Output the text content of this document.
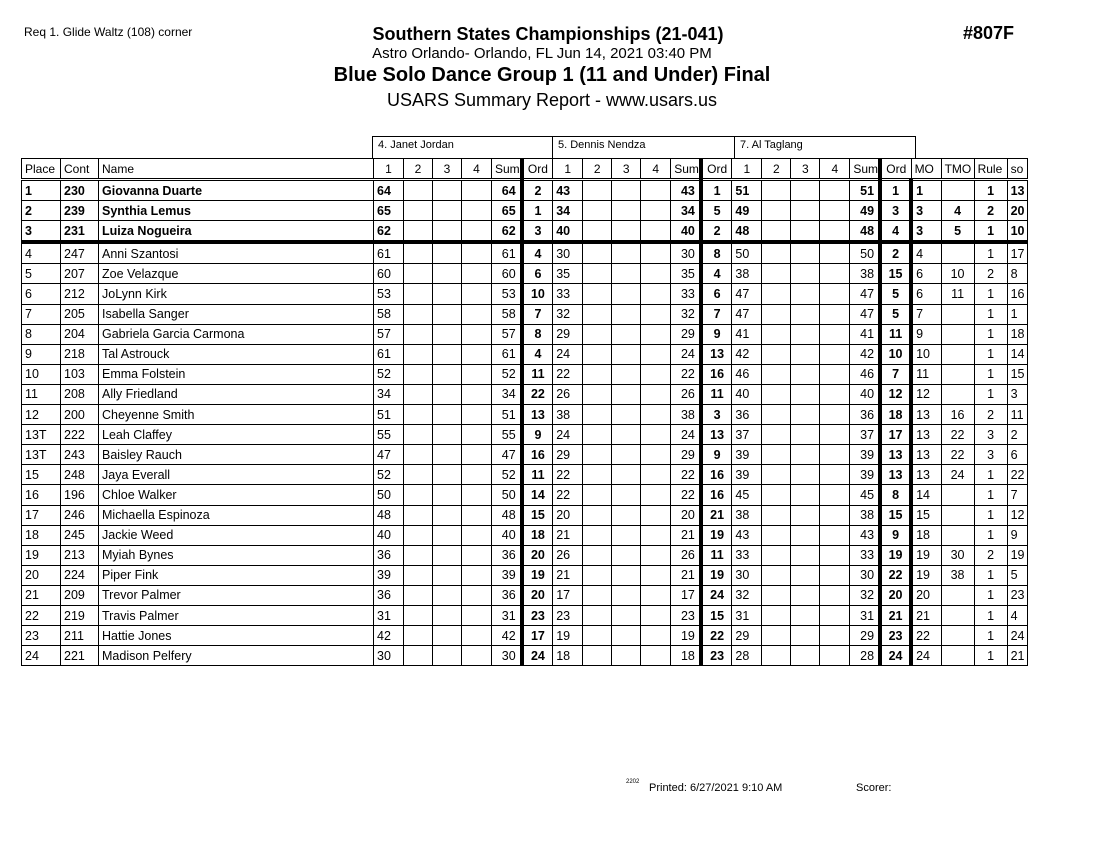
Req 1. Glide Waltz (108) corner	#807F
Southern States Championships (21-041)
Astro Orlando- Orlando, FL Jun 14, 2021 03:40 PM
Blue Solo Dance Group 1 (11 and Under) Final
USARS Summary Report - www.usars.us
4. Janet Jordan	5. Dennis Nendza	7. Al Taglang
Place	Cont	Name	1	2	3	4	Sum	Ord	1	2	3	4	Sum	Ord	1	2	3	4	Sum	Ord	MO	TMO	Rule	so
1	230	Giovanna Duarte	64				64	2	43				43	1	51				51	1	1		1	13
2	239	Synthia Lemus	65				65	1	34				34	5	49				49	3	3	4	2	20
3	231	Luiza Nogueira	62				62	3	40				40	2	48				48	4	3	5	1	10
4	247	Anni Szantosi	61				61	4	30				30	8	50				50	2	4		1	17
5	207	Zoe Velazque	60				60	6	35				35	4	38				38	15	6	10	2	8
6	212	JoLynn Kirk	53				53	10	33				33	6	47				47	5	6	11	1	16
7	205	Isabella Sanger	58				58	7	32				32	7	47				47	5	7		1	1
8	204	Gabriela Garcia Carmona	57				57	8	29				29	9	41				41	11	9		1	18
9	218	Tal Astrouck	61				61	4	24				24	13	42				42	10	10		1	14
10	103	Emma Folstein	52				52	11	22				22	16	46				46	7	11		1	15
11	208	Ally Friedland	34				34	22	26				26	11	40				40	12	12		1	3
12	200	Cheyenne Smith	51				51	13	38				38	3	36				36	18	13	16	2	11
13T	222	Leah Claffey	55				55	9	24				24	13	37				37	17	13	22	3	2
13T	243	Baisley Rauch	47				47	16	29				29	9	39				39	13	13	22	3	6
15	248	Jaya Everall	52				52	11	22				22	16	39				39	13	13	24	1	22
16	196	Chloe Walker	50				50	14	22				22	16	45				45	8	14		1	7
17	246	Michaella Espinoza	48				48	15	20				20	21	38				38	15	15		1	12
18	245	Jackie Weed	40				40	18	21				21	19	43				43	9	18		1	9
19	213	Myiah Bynes	36				36	20	26				26	11	33				33	19	19	30	2	19
20	224	Piper Fink	39				39	19	21				21	19	30				30	22	19	38	1	5
21	209	Trevor Palmer	36				36	20	17				17	24	32				32	20	20		1	23
22	219	Travis Palmer	31				31	23	23				23	15	31				31	21	21		1	4
23	211	Hattie Jones	42				42	17	19				19	22	29				29	23	22		1	24
24	221	Madison Pelfery	30				30	24	18				18	23	28				28	24	24		1	21
2202 Printed: 6/27/2021 9:10 AM	Scorer:
